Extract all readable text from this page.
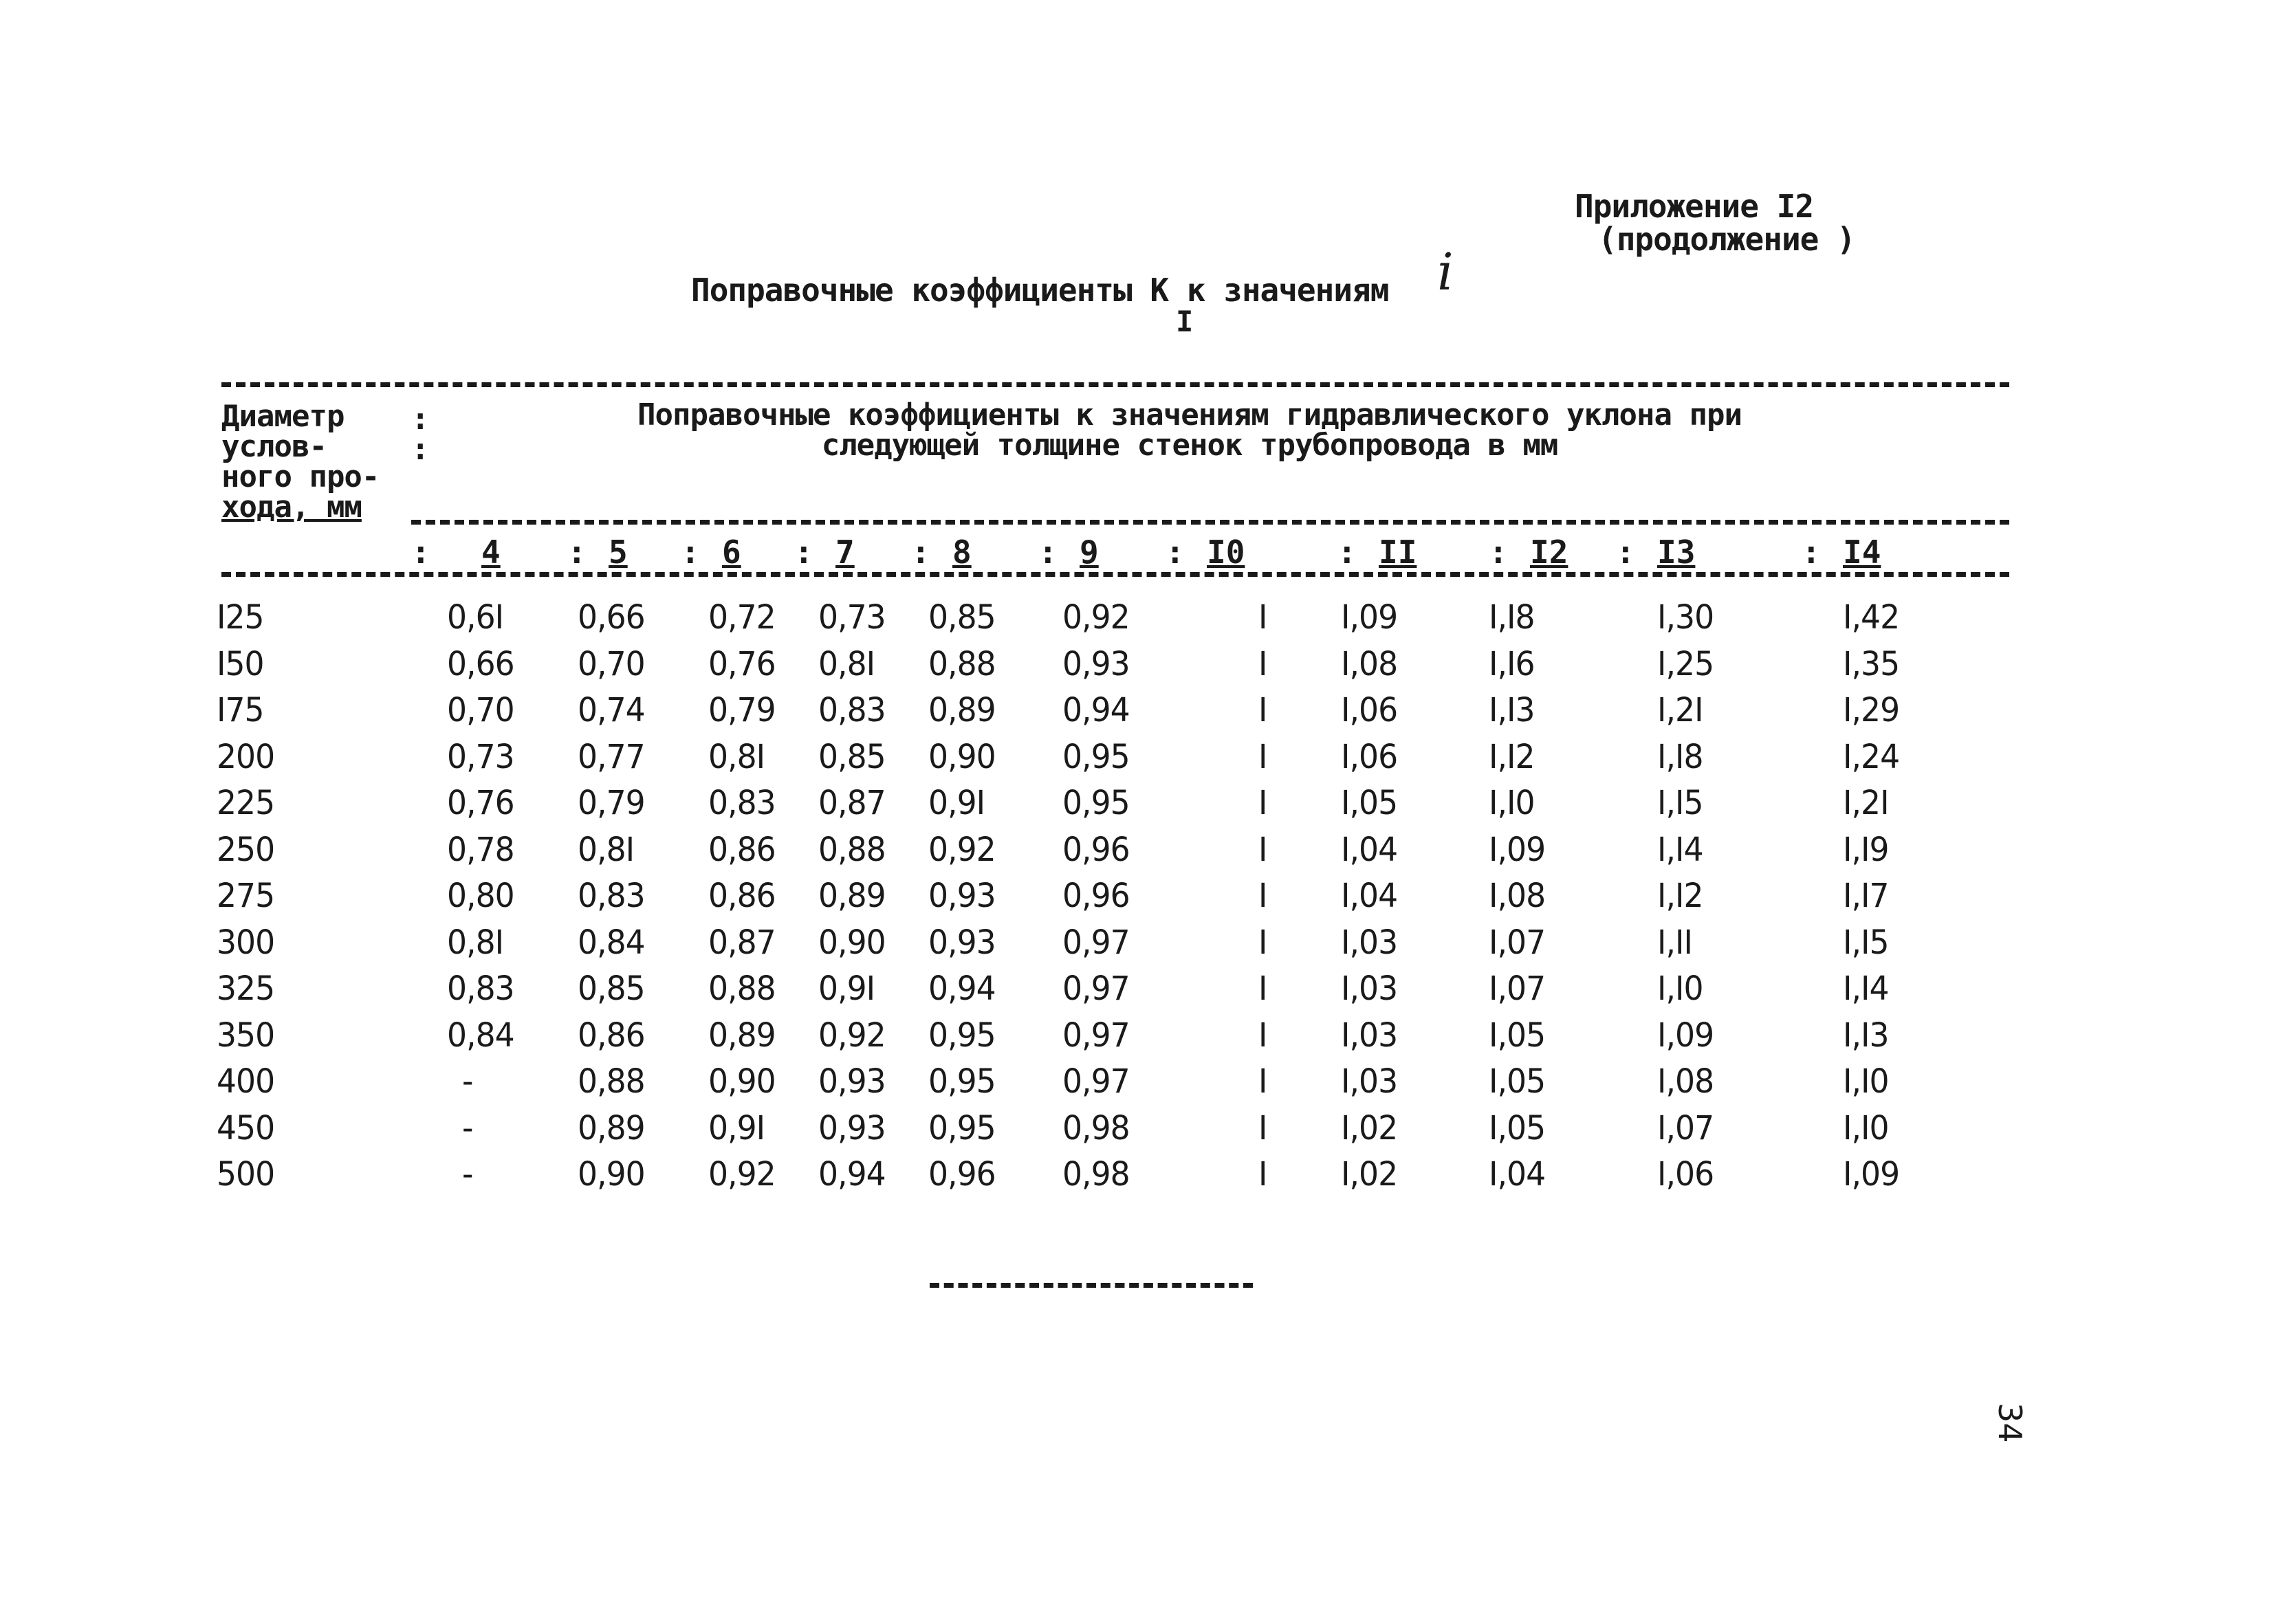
Приложение I2
(продолжение )
Поправочные коэффициенты К к значениям
I
i
Диаметр
услов-
ного про-
хода, мм
:
:
Поправочные коэффициенты к значениям гидравлического уклона при
следующей толщине стенок трубопровода в мм
4	5
:	6
:	7
:	8
:	9
:	I0
:	II
:	I2
:	I3
:	I4
:
:
I25	0,6I 0,66 0,72 0,73 0,85 0,92	I I,09	I,I8	I,30	I,42
I50	0,66 0,70 0,76 0,8I 0,88 0,93	I I,08	I,I6	I,25	I,35
I75	0,70 0,74 0,79 0,83 0,89 0,94	I I,06	I,I3	I,2I	I,29
200	0,73 0,77 0,8I 0,85 0,90 0,95	I I,06	I,I2	I,I8	I,24
225	0,76 0,79 0,83 0,87 0,9I 0,95	I I,05	I,I0	I,I5	I,2I
250	0,78 0,8I 0,86 0,88 0,92 0,96	I I,04	I,09	I,I4	I,I9
275	0,80 0,83 0,86 0,89 0,93 0,96	I I,04	I,08	I,I2	I,I7
300	0,8I 0,84 0,87 0,90 0,93 0,97	I I,03	I,07	I,II	I,I5
325	0,83 0,85 0,88 0,9I 0,94 0,97	I I,03	I,07	I,I0	I,I4
350	0,84 0,86 0,89 0,92 0,95 0,97	I I,03	I,05	I,09	I,I3
400	-	0,88 0,90 0,93 0,95 0,97	I I,03	I,05	I,08	I,I0
450	-	0,89 0,9I 0,93 0,95 0,98	I I,02	I,05	I,07	I,I0
500	-	0,90 0,92 0,94 0,96 0,98	I I,02	I,04	I,06	I,09
34
